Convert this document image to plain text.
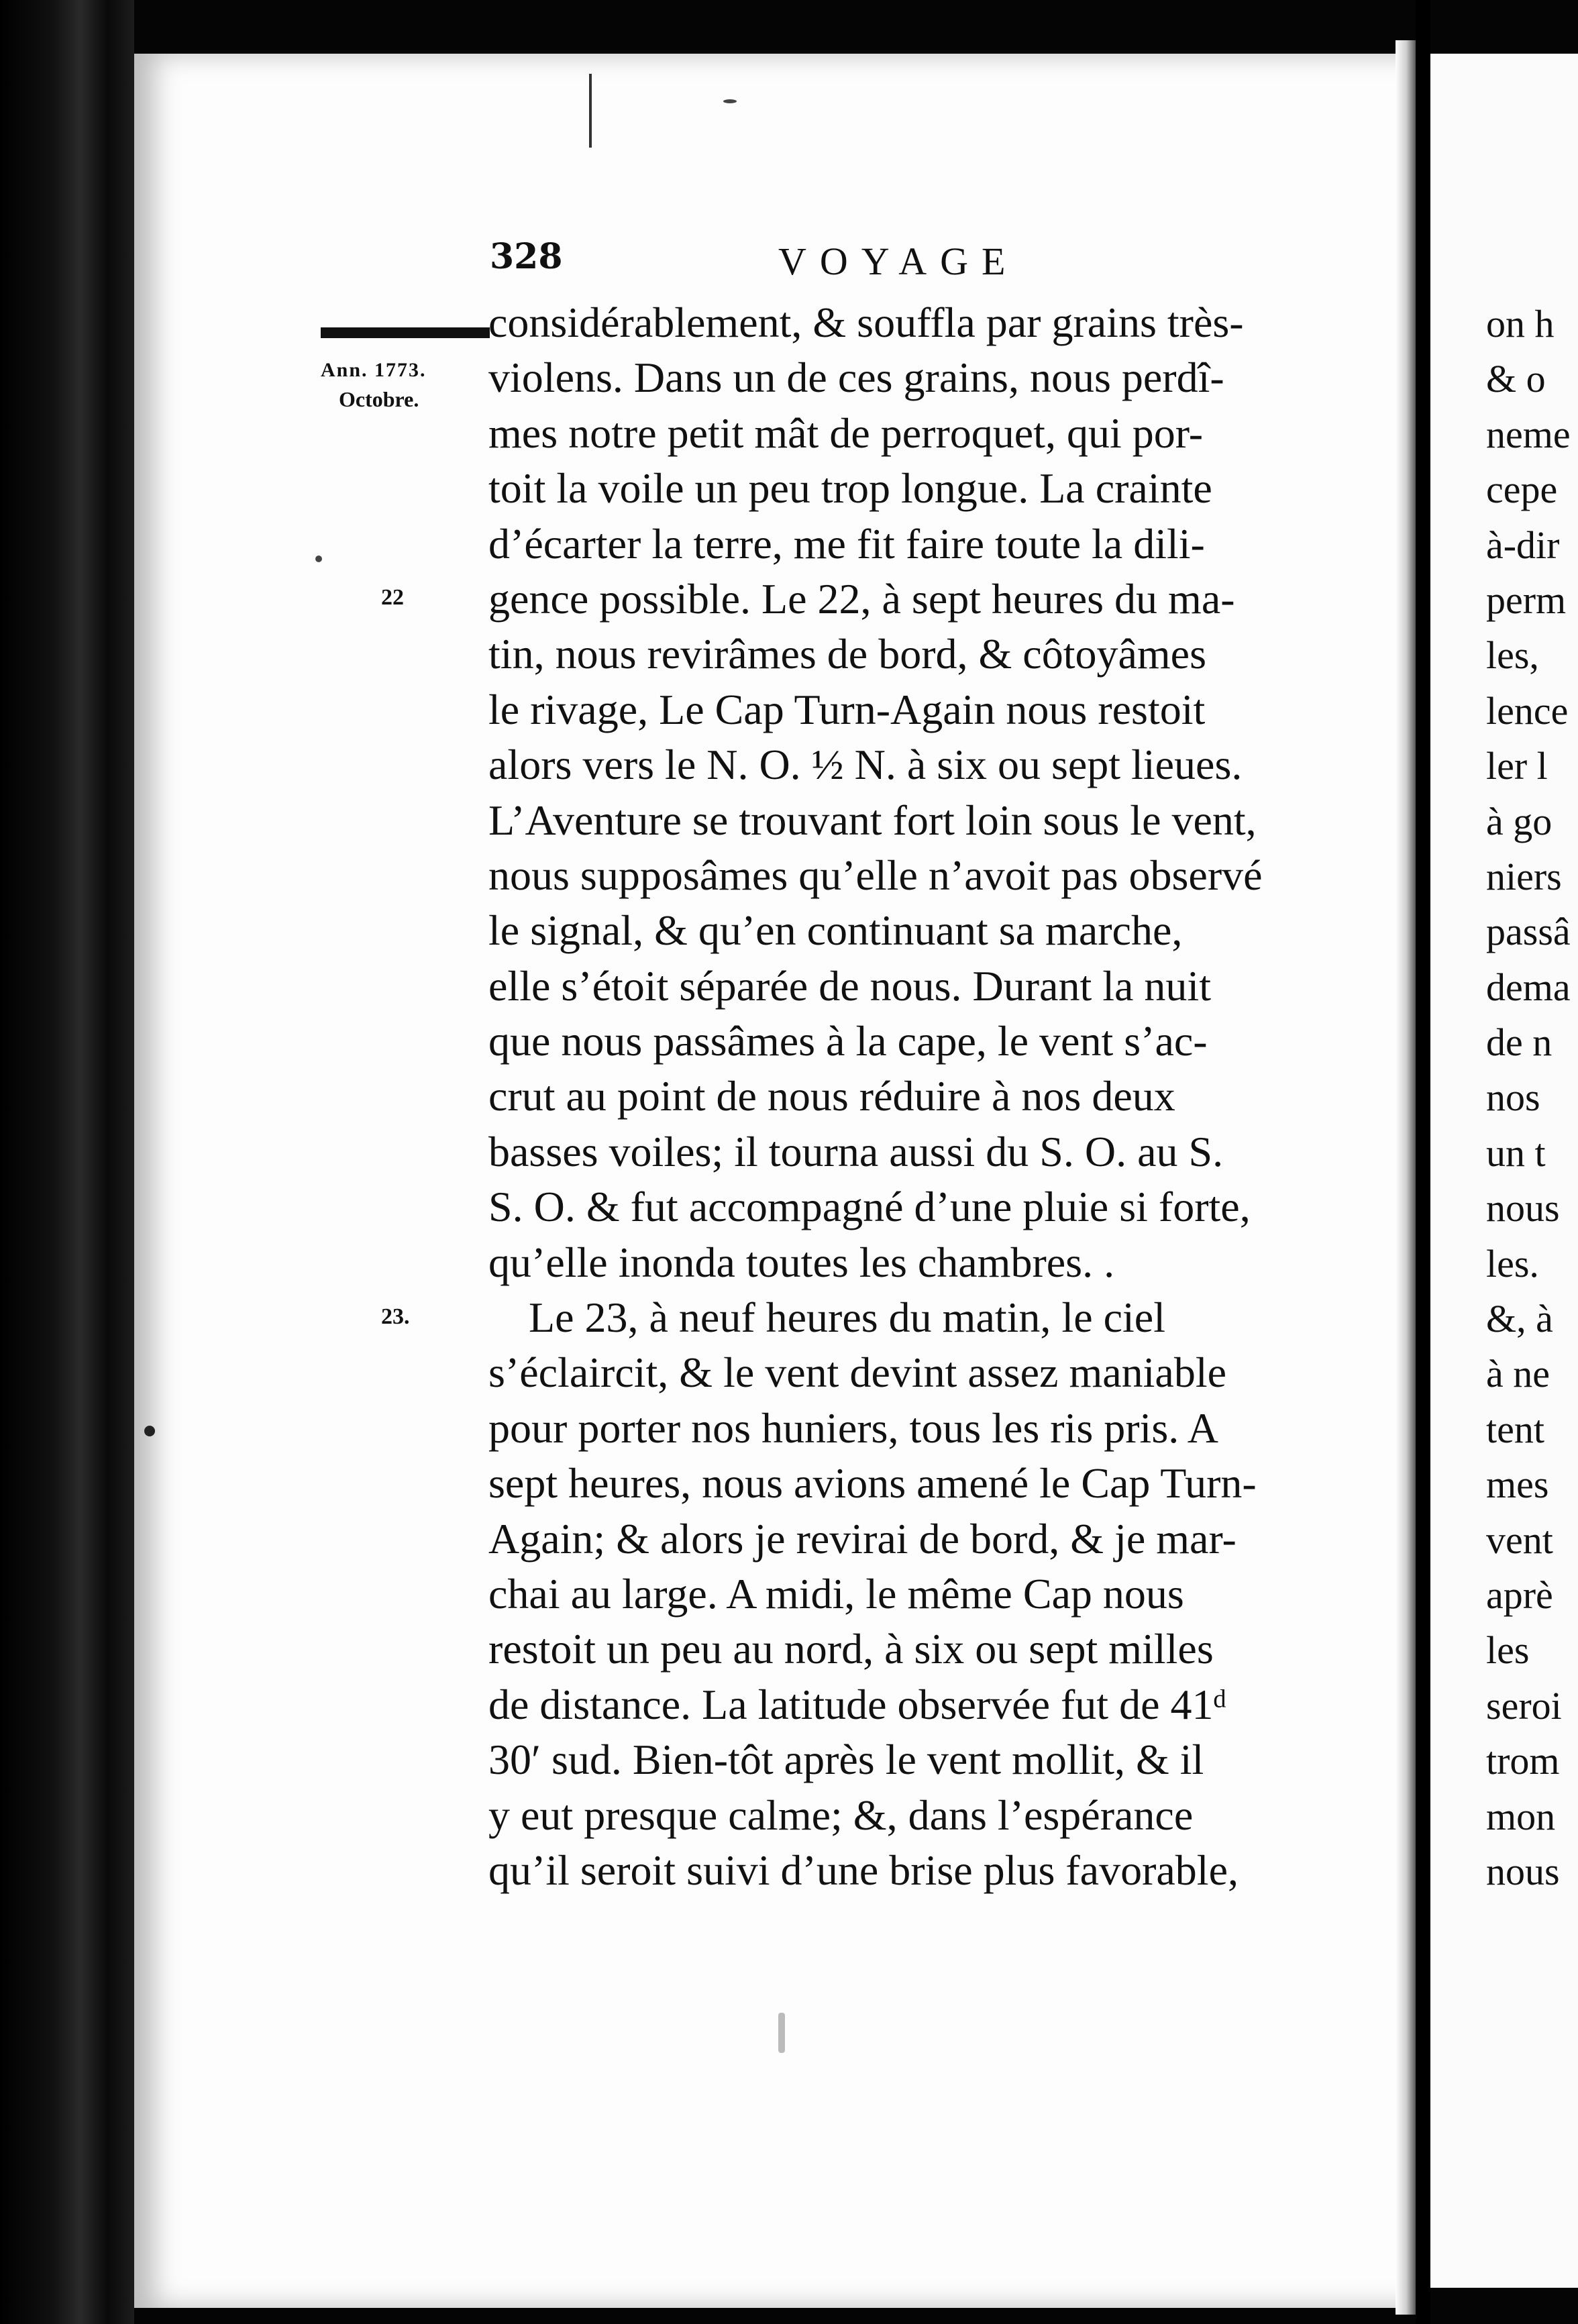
328	VOYAGE
Ann. 1773.
Octobre.
22
23.
considérablement, & souffla par grains très-
violens. Dans un de ces grains, nous perdî-
mes notre petit mât de perroquet, qui por-
toit la voile un peu trop longue. La crainte
d’écarter la terre, me fit faire toute la dili-
gence possible. Le 22, à sept heures du ma-
tin, nous revirâmes de bord, & côtoyâmes
le rivage, Le Cap Turn-Again nous restoit
alors vers le N. O. ½ N. à six ou sept lieues.
L’Aventure se trouvant fort loin sous le vent,
nous supposâmes qu’elle n’avoit pas observé
le signal, & qu’en continuant sa marche,
elle s’étoit séparée de nous. Durant la nuit
que nous passâmes à la cape, le vent s’ac-
crut au point de nous réduire à nos deux
basses voiles; il tourna aussi du S. O. au S.
S. O. & fut accompagné d’une pluie si forte,
qu’elle inonda toutes les chambres. .
Le 23, à neuf heures du matin, le ciel
s’éclaircit, & le vent devint assez maniable
pour porter nos huniers, tous les ris pris. A
sept heures, nous avions amené le Cap Turn-
Again; & alors je revirai de bord, & je mar-
chai au large. A midi, le même Cap nous
restoit un peu au nord, à six ou sept milles
de distance. La latitude observée fut de 41ᵈ
30′ sud. Bien-tôt après le vent mollit, & il
y eut presque calme; &, dans l’espérance
qu’il seroit suivi d’une brise plus favorable,
on h
& o
neme
cepe
à-dir
perm
les,
lence
ler l
à go
niers
passâ
dema
de n
nos
un t
nous
les.
&, à
à ne
tent
mes
vent
aprè
les
seroi
trom
mon
nous
